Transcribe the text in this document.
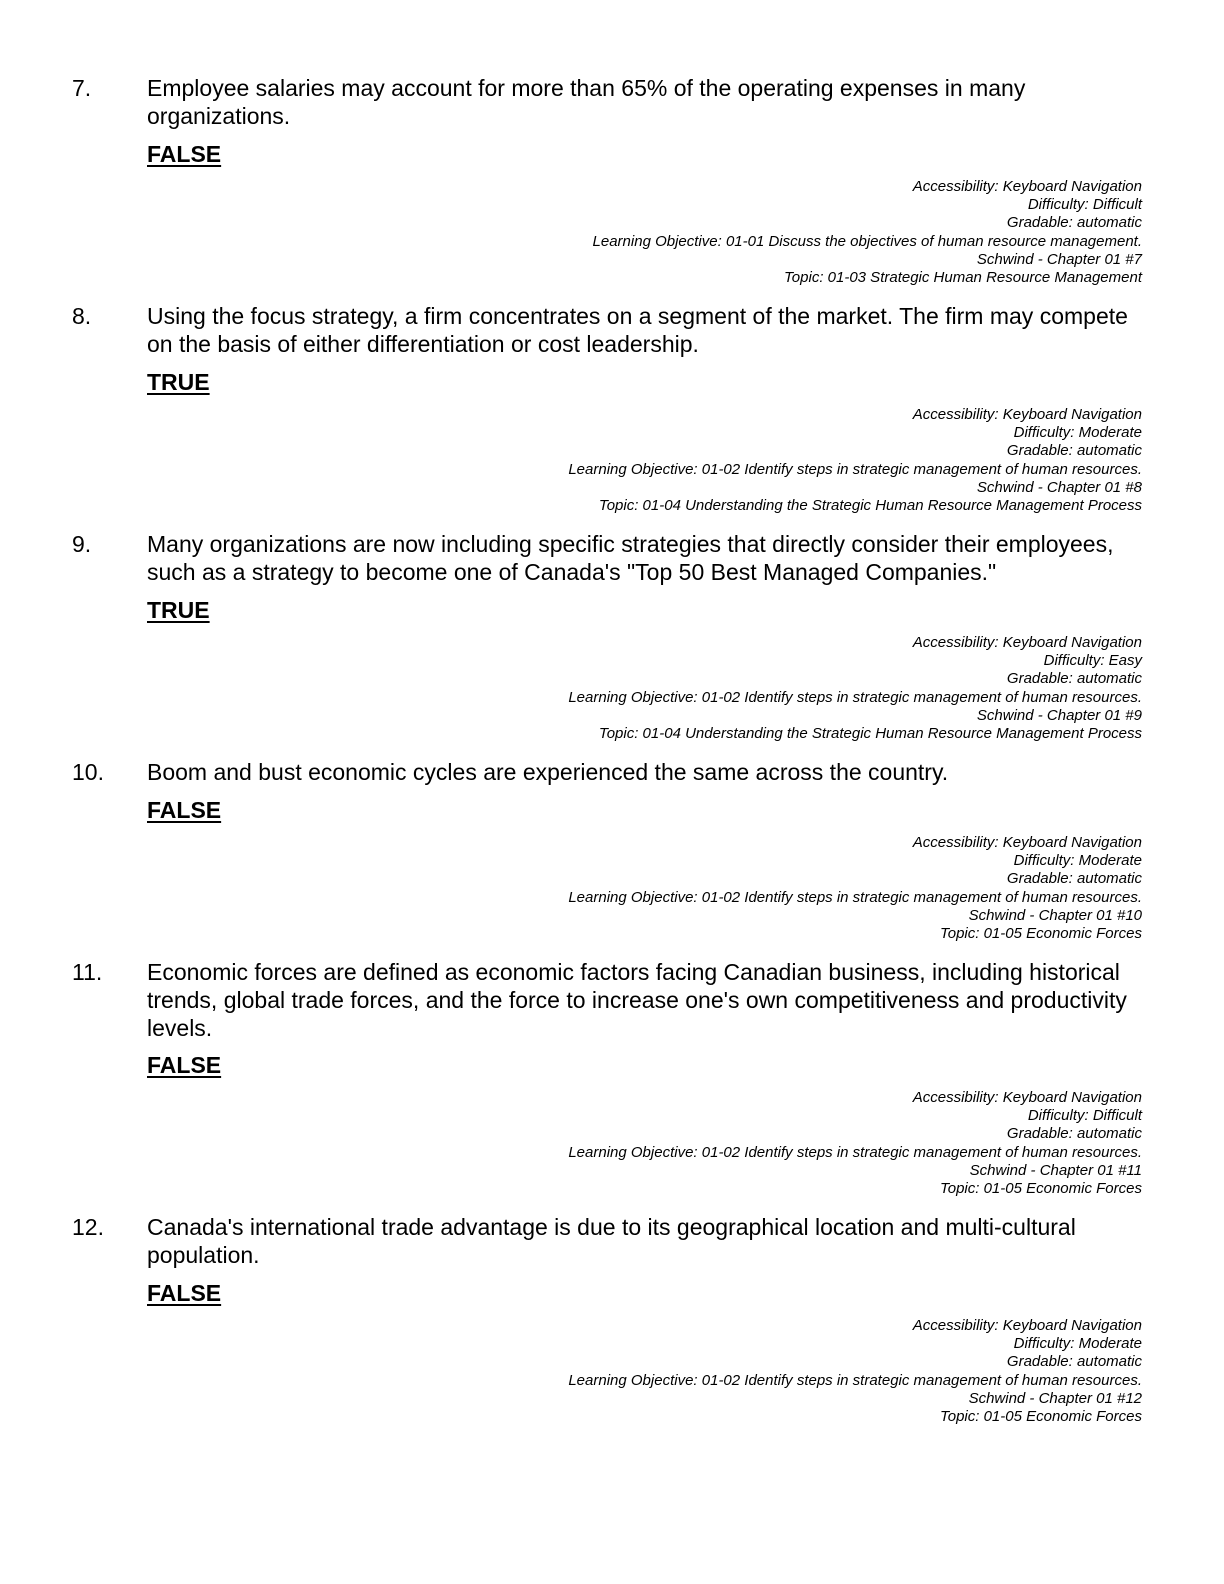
7. Employee salaries may account for more than 65% of the operating expenses in many organizations.
FALSE
Accessibility: Keyboard Navigation
Difficulty: Difficult
Gradable: automatic
Learning Objective: 01-01 Discuss the objectives of human resource management.
Schwind - Chapter 01 #7
Topic: 01-03 Strategic Human Resource Management
8. Using the focus strategy, a firm concentrates on a segment of the market. The firm may compete on the basis of either differentiation or cost leadership.
TRUE
Accessibility: Keyboard Navigation
Difficulty: Moderate
Gradable: automatic
Learning Objective: 01-02 Identify steps in strategic management of human resources.
Schwind - Chapter 01 #8
Topic: 01-04 Understanding the Strategic Human Resource Management Process
9. Many organizations are now including specific strategies that directly consider their employees, such as a strategy to become one of Canada's "Top 50 Best Managed Companies."
TRUE
Accessibility: Keyboard Navigation
Difficulty: Easy
Gradable: automatic
Learning Objective: 01-02 Identify steps in strategic management of human resources.
Schwind - Chapter 01 #9
Topic: 01-04 Understanding the Strategic Human Resource Management Process
10. Boom and bust economic cycles are experienced the same across the country.
FALSE
Accessibility: Keyboard Navigation
Difficulty: Moderate
Gradable: automatic
Learning Objective: 01-02 Identify steps in strategic management of human resources.
Schwind - Chapter 01 #10
Topic: 01-05 Economic Forces
11. Economic forces are defined as economic factors facing Canadian business, including historical trends, global trade forces, and the force to increase one's own competitiveness and productivity levels.
FALSE
Accessibility: Keyboard Navigation
Difficulty: Difficult
Gradable: automatic
Learning Objective: 01-02 Identify steps in strategic management of human resources.
Schwind - Chapter 01 #11
Topic: 01-05 Economic Forces
12. Canada's international trade advantage is due to its geographical location and multi-cultural population.
FALSE
Accessibility: Keyboard Navigation
Difficulty: Moderate
Gradable: automatic
Learning Objective: 01-02 Identify steps in strategic management of human resources.
Schwind - Chapter 01 #12
Topic: 01-05 Economic Forces
